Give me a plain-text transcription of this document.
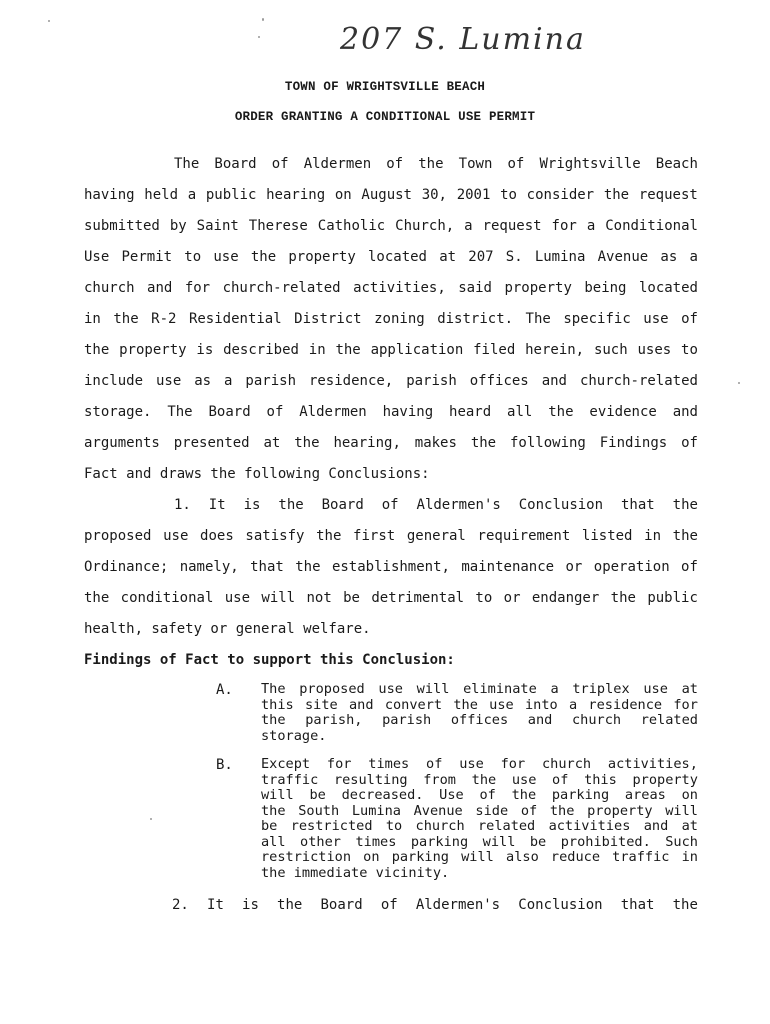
207 S. Lumina
TOWN OF WRIGHTSVILLE BEACH
ORDER GRANTING A CONDITIONAL USE PERMIT
The Board of Aldermen of the Town of Wrightsville Beach
having held a public hearing on August 30, 2001 to consider the request
submitted by Saint Therese Catholic Church, a request for a Conditional
Use Permit to use the property located at 207 S. Lumina Avenue as a
church and for church-related activities, said property being located
in the R-2 Residential District zoning district. The specific use of
the property is described in the application filed herein, such uses to
include use as a parish residence, parish offices and church-related
storage. The Board of Aldermen having heard all the evidence and
arguments presented at the hearing, makes the following Findings of
Fact and draws the following Conclusions:
1. It is the Board of Aldermen's Conclusion that the
proposed use does satisfy the first general requirement listed in the
Ordinance; namely, that the establishment, maintenance or operation of
the conditional use will not be detrimental to or endanger the public
health, safety or general welfare.
Findings of Fact to support this Conclusion:
A. The proposed use will eliminate a triplex use at
this site and convert the use into a residence for
the parish, parish offices and church related
storage.
B. Except for times of use for church activities,
traffic resulting from the use of this property
will be decreased. Use of the parking areas on
the South Lumina Avenue side of the property will
be restricted to church related activities and at
all other times parking will be prohibited. Such
restriction on parking will also reduce traffic in
the immediate vicinity.
2. It is the Board of Aldermen's Conclusion that the
